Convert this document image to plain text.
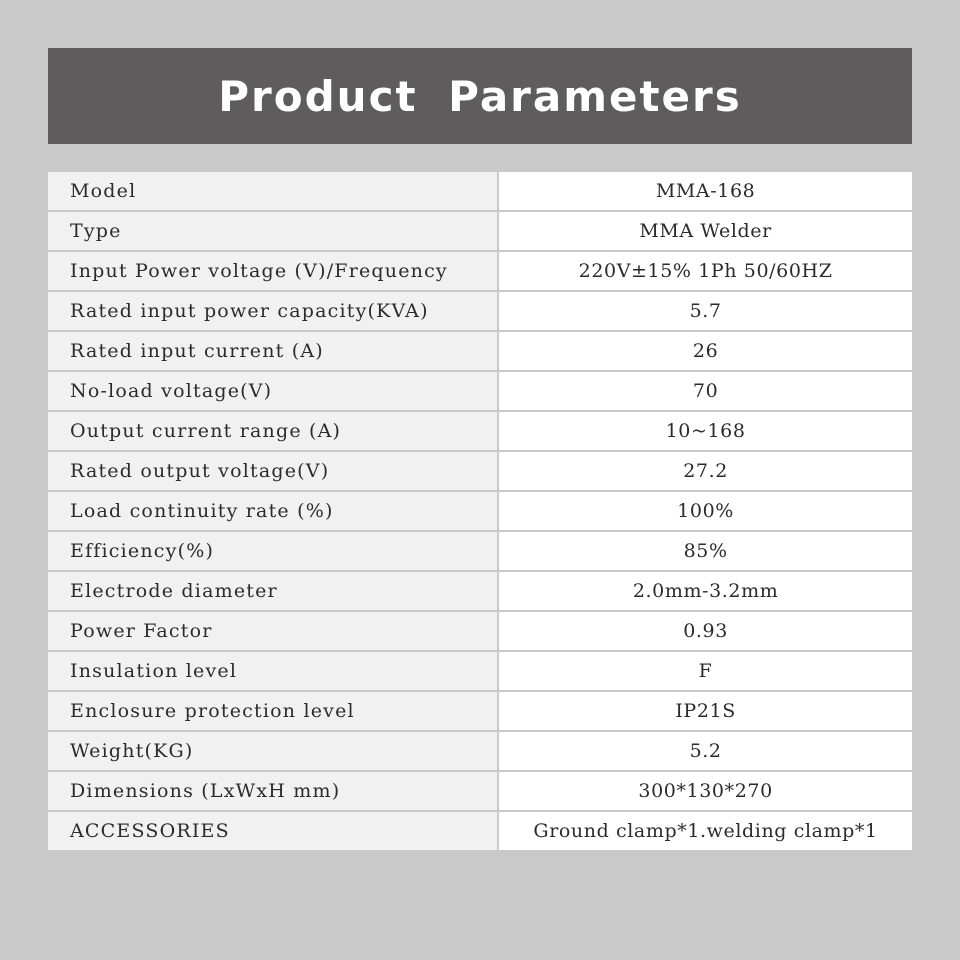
Product Parameters
Model	MMA-168
Type	MMA Welder
Input Power voltage (V)/Frequency	220V±15% 1Ph 50/60HZ
Rated input power capacity(KVA)	5.7
Rated input current (A)	26
No-load voltage(V)	70
Output current range (A)	10~168
Rated output voltage(V)	27.2
Load continuity rate (%)	100%
Efficiency(%)	85%
Electrode diameter	2.0mm-3.2mm
Power Factor	0.93
Insulation level	F
Enclosure protection level	IP21S
Weight(KG)	5.2
Dimensions (LxWxH mm)	300*130*270
ACCESSORIES	Ground clamp*1.welding clamp*1
